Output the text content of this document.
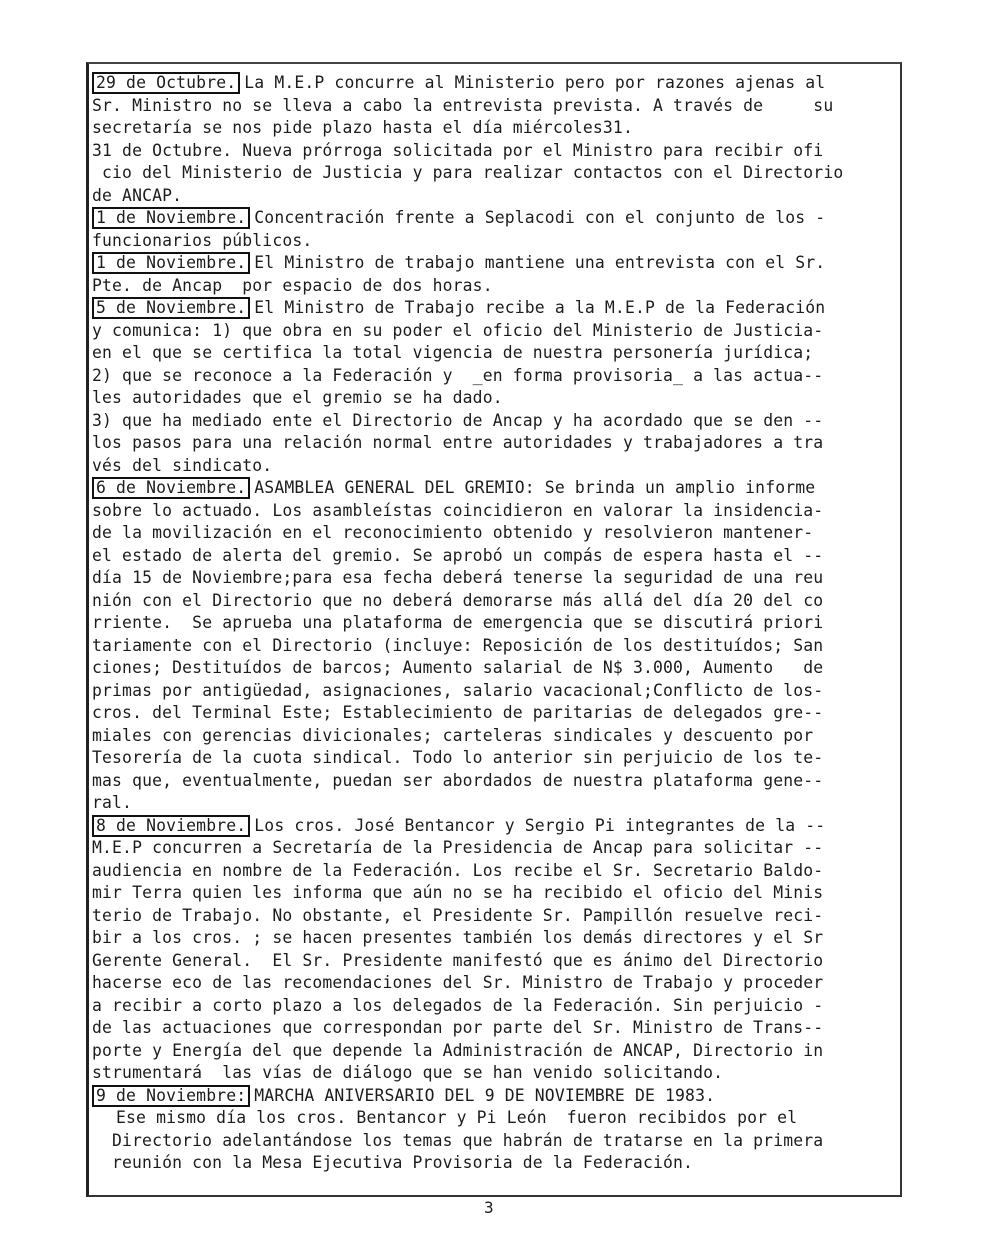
29 de Octubre. La M.E.P concurre al Ministerio pero por razones ajenas al
Sr. Ministro no se lleva a cabo la entrevista prevista. A través de     su
secretaría se nos pide plazo hasta el día miércoles31.
31 de Octubre. Nueva prórroga solicitada por el Ministro para recibir ofi
cio del Ministerio de Justicia y para realizar contactos con el Directorio
de ANCAP.
1 de Noviembre. Concentración frente a Seplacodi con el conjunto de los -
funcionarios públicos.
1 de Noviembre. El Ministro de trabajo mantiene una entrevista con el Sr.
Pte. de Ancap  por espacio de dos horas.
5 de Noviembre. El Ministro de Trabajo recibe a la M.E.P de la Federación
y comunica: 1) que obra en su poder el oficio del Ministerio de Justicia-
en el que se certifica la total vigencia de nuestra personería jurídica;
2) que se reconoce a la Federación y  _en forma provisoria_ a las actua--
les autoridades que el gremio se ha dado.
3) que ha mediado ente el Directorio de Ancap y ha acordado que se den --
los pasos para una relación normal entre autoridades y trabajadores a tra
vés del sindicato.
6 de Noviembre. ASAMBLEA GENERAL DEL GREMIO: Se brinda un amplio informe
sobre lo actuado. Los asambleístas coincidieron en valorar la insidencia-
de la movilización en el reconocimiento obtenido y resolvieron mantener-
el estado de alerta del gremio. Se aprobó un compás de espera hasta el --
día 15 de Noviembre;para esa fecha deberá tenerse la seguridad de una reu
nión con el Directorio que no deberá demorarse más allá del día 20 del co
rriente.  Se aprueba una plataforma de emergencia que se discutirá priori
tariamente con el Directorio (incluye: Reposición de los destituídos; San
ciones; Destituídos de barcos; Aumento salarial de N$ 3.000, Aumento   de
primas por antigüedad, asignaciones, salario vacacional;Conflicto de los-
cros. del Terminal Este; Establecimiento de paritarias de delegados gre--
miales con gerencias divicionales; carteleras sindicales y descuento por
Tesorería de la cuota sindical. Todo lo anterior sin perjuicio de los te-
mas que, eventualmente, puedan ser abordados de nuestra plataforma gene--
ral.
8 de Noviembre. Los cros. José Bentancor y Sergio Pi integrantes de la --
M.E.P concurren a Secretaría de la Presidencia de Ancap para solicitar --
audiencia en nombre de la Federación. Los recibe el Sr. Secretario Baldo-
mir Terra quien les informa que aún no se ha recibido el oficio del Minis
terio de Trabajo. No obstante, el Presidente Sr. Pampillón resuelve reci-
bir a los cros. ; se hacen presentes también los demás directores y el Sr
Gerente General.  El Sr. Presidente manifestó que es ánimo del Directorio
hacerse eco de las recomendaciones del Sr. Ministro de Trabajo y proceder
a recibir a corto plazo a los delegados de la Federación. Sin perjuicio -
de las actuaciones que correspondan por parte del Sr. Ministro de Trans--
porte y Energía del que depende la Administración de ANCAP, Directorio in
strumentará  las vías de diálogo que se han venido solicitando.
9 de Noviembre: MARCHA ANIVERSARIO DEL 9 DE NOVIEMBRE DE 1983.
Ese mismo día los cros. Bentancor y Pi León  fueron recibidos por el
Directorio adelantándose los temas que habrán de tratarse en la primera
reunión con la Mesa Ejecutiva Provisoria de la Federación.
3
